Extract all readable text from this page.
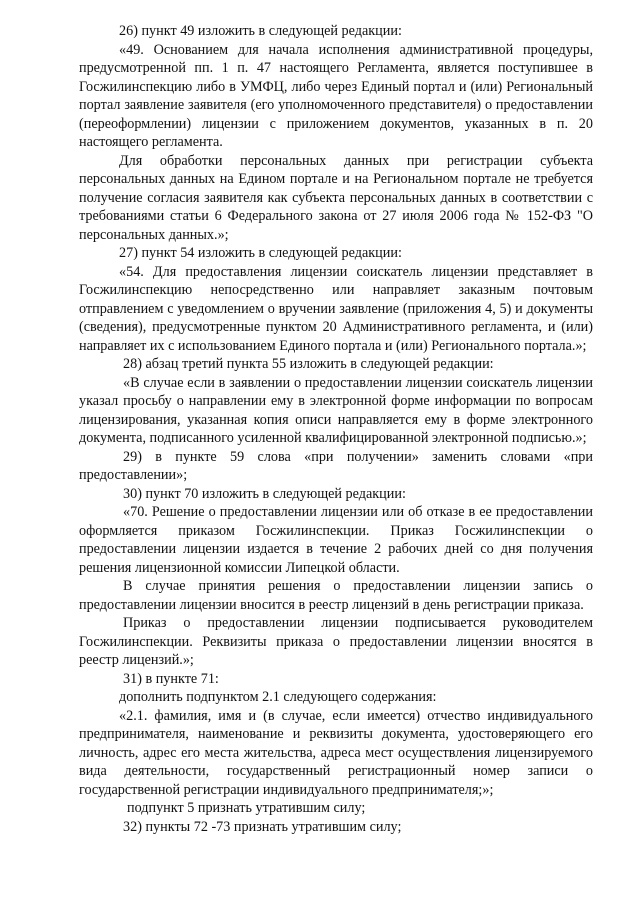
26) пункт 49 изложить в следующей редакции:

«49. Основанием для начала исполнения административной процедуры, предусмотренной пп. 1 п. 47 настоящего Регламента, является поступившее в Госжилинспекцию либо в УМФЦ, либо через Единый портал и (или) Региональный портал заявление заявителя (его уполномоченного представителя) о предоставлении (переоформлении) лицензии с приложением документов, указанных в п. 20 настоящего регламента.

Для обработки персональных данных при регистрации субъекта персональных данных на Едином портале и на Региональном портале не требуется получение согласия заявителя как субъекта персональных данных в соответствии с требованиями статьи 6 Федерального закона от 27 июля 2006 года № 152-ФЗ "О персональных данных.»;

27) пункт 54 изложить в следующей редакции:

«54. Для предоставления лицензии соискатель лицензии представляет в Госжилинспекцию непосредственно или направляет заказным почтовым отправлением с уведомлением о вручении заявление (приложения 4, 5) и документы (сведения), предусмотренные пунктом 20 Административного регламента, и (или) направляет их с использованием Единого портала и (или) Регионального портала.»;

28) абзац третий пункта 55 изложить в следующей редакции:

«В случае если в заявлении о предоставлении лицензии соискатель лицензии указал просьбу о направлении ему в электронной форме информации по вопросам лицензирования, указанная копия описи направляется ему в форме электронного документа, подписанного усиленной квалифицированной электронной подписью.»;

29) в пункте 59 слова «при получении» заменить словами «при предоставлении»;

30) пункт 70 изложить в следующей редакции:

«70. Решение о предоставлении лицензии или об отказе в ее предоставлении оформляется приказом Госжилинспекции. Приказ Госжилинспекции о предоставлении лицензии издается в течение 2 рабочих дней со дня получения решения лицензионной комиссии Липецкой области.

В случае принятия решения о предоставлении лицензии запись о предоставлении лицензии вносится в реестр лицензий в день регистрации приказа.

Приказ о предоставлении лицензии подписывается руководителем Госжилинспекции. Реквизиты приказа о предоставлении лицензии вносятся в реестр лицензий.»;

31) в пункте 71:

дополнить подпунктом 2.1 следующего содержания:

«2.1. фамилия, имя и (в случае, если имеется) отчество индивидуального предпринимателя, наименование и реквизиты документа, удостоверяющего его личность, адрес его места жительства, адреса мест осуществления лицензируемого вида деятельности, государственный регистрационный номер записи о государственной регистрации индивидуального предпринимателя;»;

подпункт 5 признать утратившим силу;

32) пункты 72 -73 признать утратившим силу;
